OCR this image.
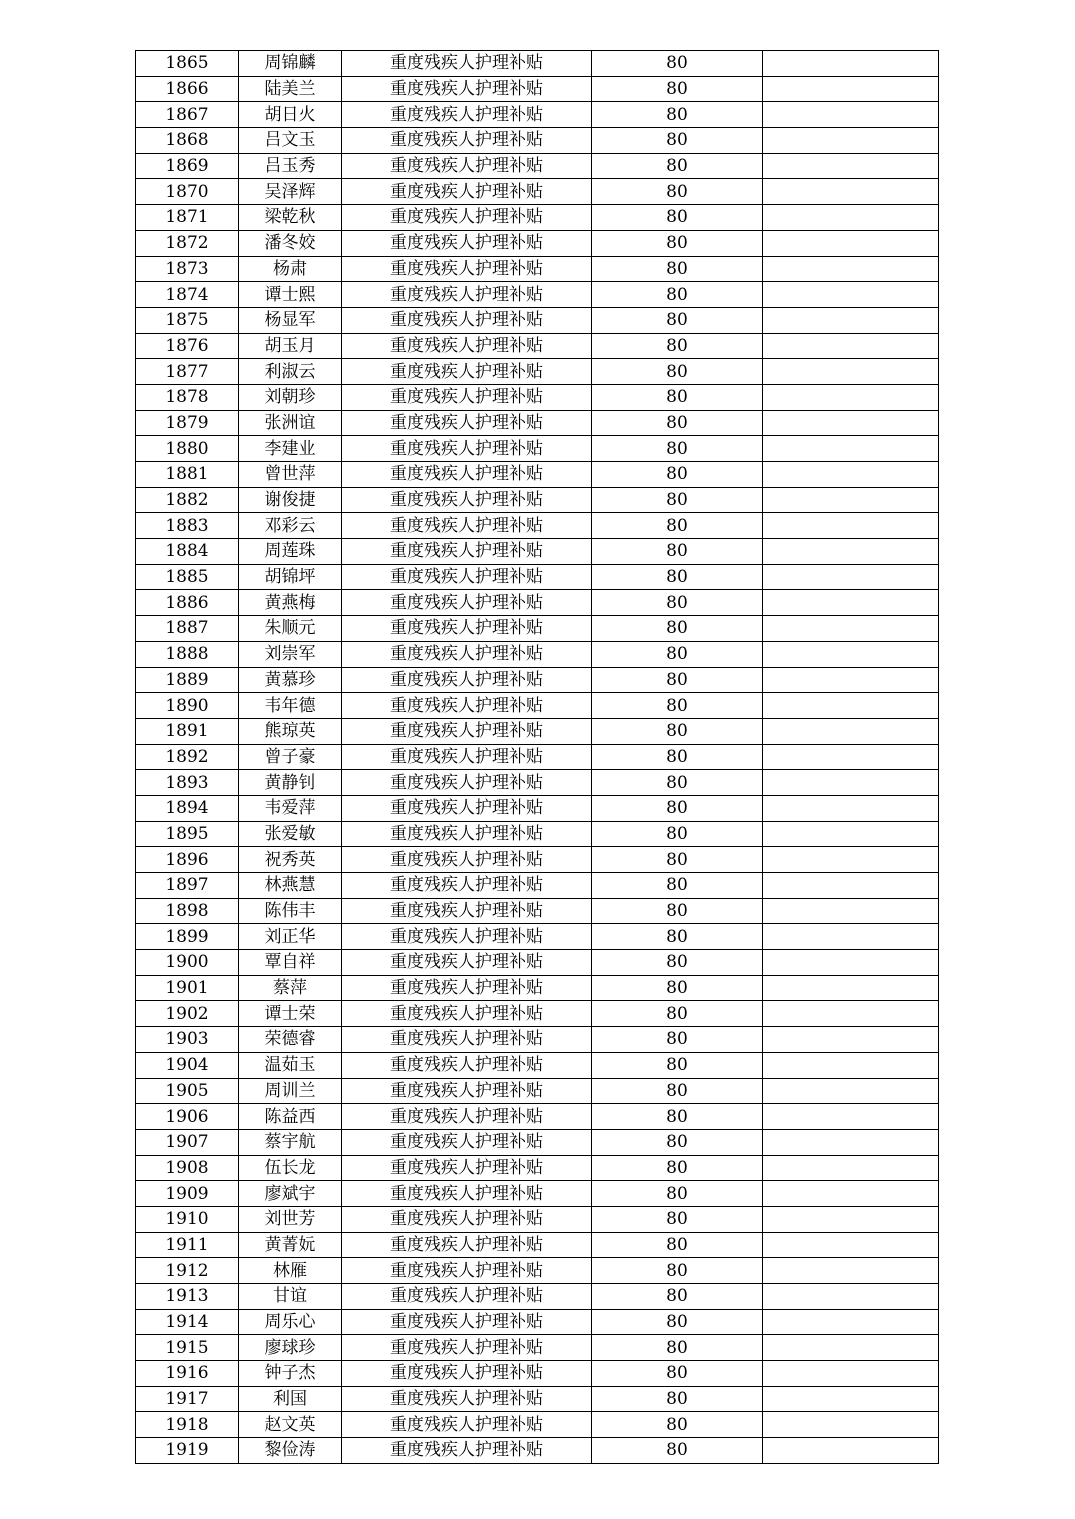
1865	周锦麟	重度残疾人护理补贴	80	
1866	陆美兰	重度残疾人护理补贴	80	
1867	胡日火	重度残疾人护理补贴	80	
1868	吕文玉	重度残疾人护理补贴	80	
1869	吕玉秀	重度残疾人护理补贴	80	
1870	吴泽辉	重度残疾人护理补贴	80	
1871	梁乾秋	重度残疾人护理补贴	80	
1872	潘冬姣	重度残疾人护理补贴	80	
1873	杨肃	重度残疾人护理补贴	80	
1874	谭士熙	重度残疾人护理补贴	80	
1875	杨显军	重度残疾人护理补贴	80	
1876	胡玉月	重度残疾人护理补贴	80	
1877	利淑云	重度残疾人护理补贴	80	
1878	刘朝珍	重度残疾人护理补贴	80	
1879	张洲谊	重度残疾人护理补贴	80	
1880	李建业	重度残疾人护理补贴	80	
1881	曾世萍	重度残疾人护理补贴	80	
1882	谢俊捷	重度残疾人护理补贴	80	
1883	邓彩云	重度残疾人护理补贴	80	
1884	周莲珠	重度残疾人护理补贴	80	
1885	胡锦坪	重度残疾人护理补贴	80	
1886	黄燕梅	重度残疾人护理补贴	80	
1887	朱顺元	重度残疾人护理补贴	80	
1888	刘崇军	重度残疾人护理补贴	80	
1889	黄慕珍	重度残疾人护理补贴	80	
1890	韦年德	重度残疾人护理补贴	80	
1891	熊琼英	重度残疾人护理补贴	80	
1892	曾子豪	重度残疾人护理补贴	80	
1893	黄静钊	重度残疾人护理补贴	80	
1894	韦爱萍	重度残疾人护理补贴	80	
1895	张爱敏	重度残疾人护理补贴	80	
1896	祝秀英	重度残疾人护理补贴	80	
1897	林燕慧	重度残疾人护理补贴	80	
1898	陈伟丰	重度残疾人护理补贴	80	
1899	刘正华	重度残疾人护理补贴	80	
1900	覃自祥	重度残疾人护理补贴	80	
1901	蔡萍	重度残疾人护理补贴	80	
1902	谭士荣	重度残疾人护理补贴	80	
1903	荣德睿	重度残疾人护理补贴	80	
1904	温茹玉	重度残疾人护理补贴	80	
1905	周训兰	重度残疾人护理补贴	80	
1906	陈益西	重度残疾人护理补贴	80	
1907	蔡宇航	重度残疾人护理补贴	80	
1908	伍长龙	重度残疾人护理补贴	80	
1909	廖斌宇	重度残疾人护理补贴	80	
1910	刘世芳	重度残疾人护理补贴	80	
1911	黄菁妧	重度残疾人护理补贴	80	
1912	林雁	重度残疾人护理补贴	80	
1913	甘谊	重度残疾人护理补贴	80	
1914	周乐心	重度残疾人护理补贴	80	
1915	廖球珍	重度残疾人护理补贴	80	
1916	钟子杰	重度残疾人护理补贴	80	
1917	利国	重度残疾人护理补贴	80	
1918	赵文英	重度残疾人护理补贴	80	
1919	黎俭涛	重度残疾人护理补贴	80	
